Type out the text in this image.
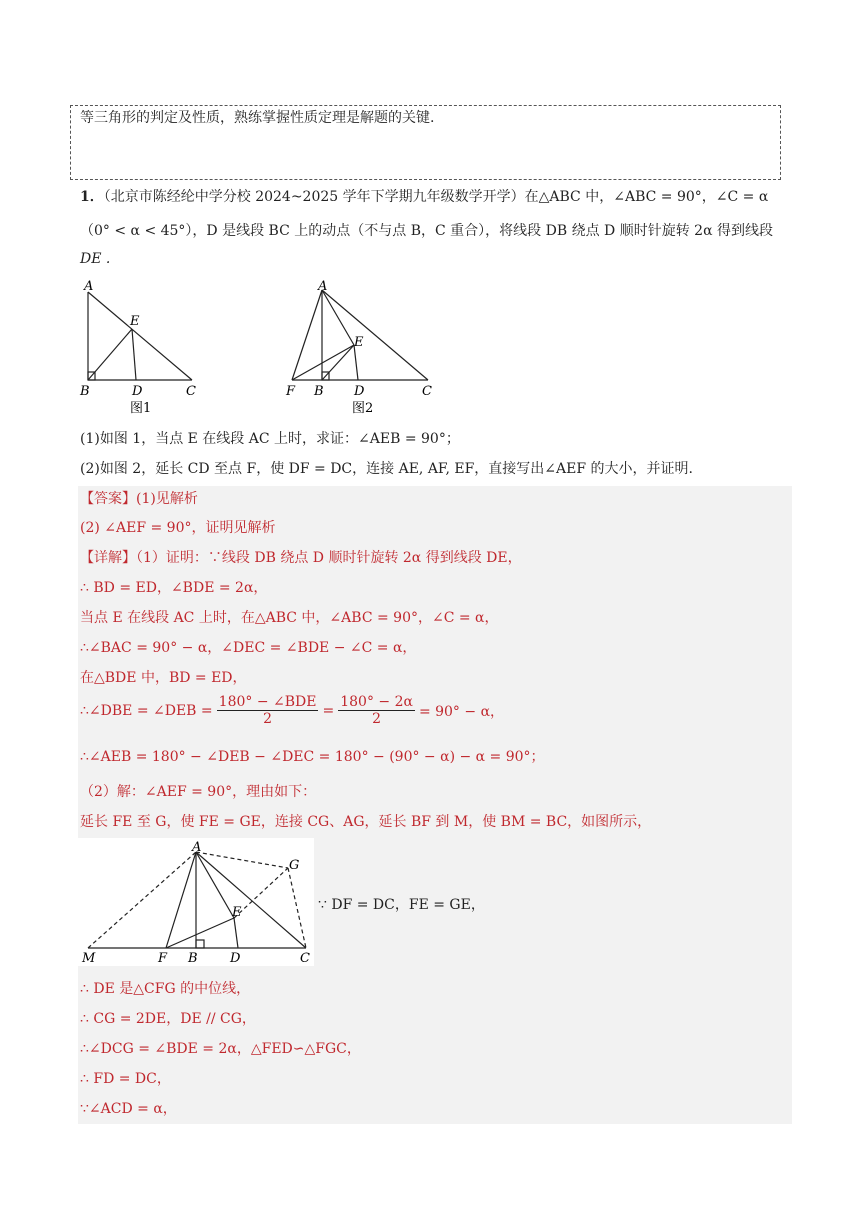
等三角形的判定及性质，熟练掌握性质定理是解题的关键.
1．（北京市陈经纶中学分校 2024~2025 学年下学期九年级数学开学）在△ABC 中，∠ABC = 90°，∠C = α
（0° < α < 45°），D 是线段 BC 上的动点（不与点 B，C 重合），将线段 DB 绕点 D 顺时针旋转 2α 得到线段
DE .
A
E
B	D	C
图1
A
E
F B D	C
图2
(1)如图 1，当点 E 在线段 AC 上时，求证：∠AEB = 90°；
(2)如图 2，延长 CD 至点 F，使 DF = DC，连接 AE, AF, EF，直接写出∠AEF 的大小，并证明.
【答案】(1)见解析
(2) ∠AEF = 90°，证明见解析
【详解】（1）证明：∵线段 DB 绕点 D 顺时针旋转 2α 得到线段 DE，
∴ BD = ED，∠BDE = 2α，
当点 E 在线段 AC 上时，在△ABC 中，∠ABC = 90°，∠C = α，
∴∠BAC = 90° − α，∠DEC = ∠BDE − ∠C = α，
在△BDE 中，BD = ED，
∴∠DBE = ∠DEB = $\frac{\text{180° − ∠BDE}}{2} = \frac{180^\circ - 2\alpha}{2} = 90^\circ - \alpha$，
∴∠AEB = 180° − ∠DEB − ∠DEC = 180° − (90° − α) − α = 90°；
（2）解：∠AEF = 90°，理由如下：
延长 FE 至 G，使 FE = GE，连接 CG、AG，延长 BF 到 M，使 BM = BC，如图所示，
A
G
E
M	F B D	C
∵ DF = DC，FE = GE，
∴ DE 是△CFG 的中位线，
∴ CG = 2DE，DE // CG，
∴∠DCG = ∠BDE = 2α，△FED∽△FGC，
∴ FD = DC，
∵∠ACD = α，
